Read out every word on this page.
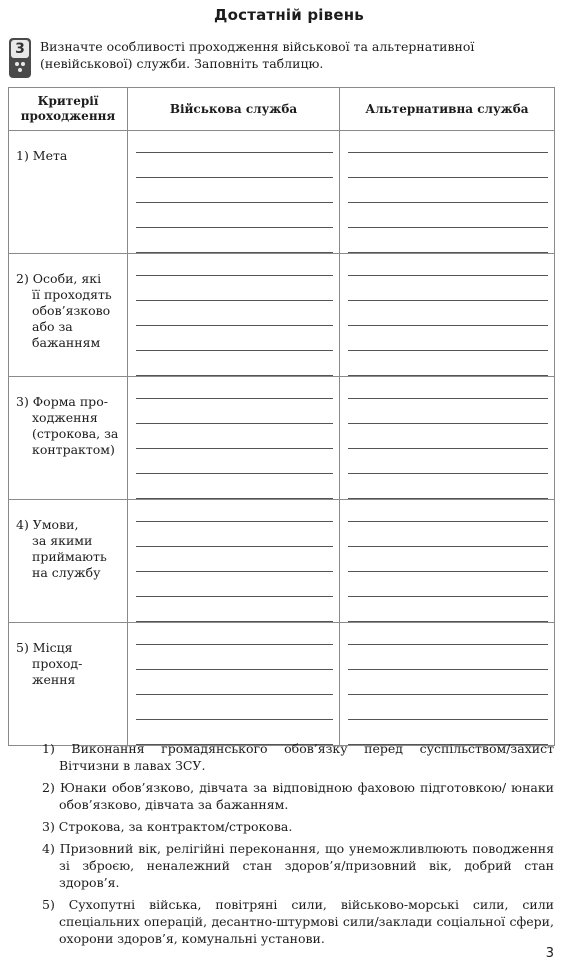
Достатній рівень
3	Визначте особливості проходження військової та альтернативної (невійськової) служби. Заповніть таблицю.
Критерії проходження	Військова служба	Альтернативна служба

1) Мета		

2) Особи, які
її проходять
обов’язково
або за
бажанням		

3) Форма про-
ходження
(строкова, за
контрактом)		

4) Умови,
за якими
приймають
на службу		

5) Місця
проход-
ження		

1) Виконання громадянського обов’язку перед суспільством/захист Вітчизни в лавах ЗСУ.
2) Юнаки обов’язково, дівчата за відповідною фаховою підготовкою/ юнаки обов’язково, дівчата за бажанням.
3) Строкова, за контрактом/строкова.
4) Призовний вік, релігійні переконання, що унеможливлюють поводження зі зброєю, неналежний стан здоров’я/призовний вік, добрий стан здоров’я.
5) Сухопутні війська, повітряні сили, військово-морські сили, сили спеціальних операцій, десантно-штурмові сили/заклади соціальної сфери, охорони здоров’я, комунальні установи.
3
